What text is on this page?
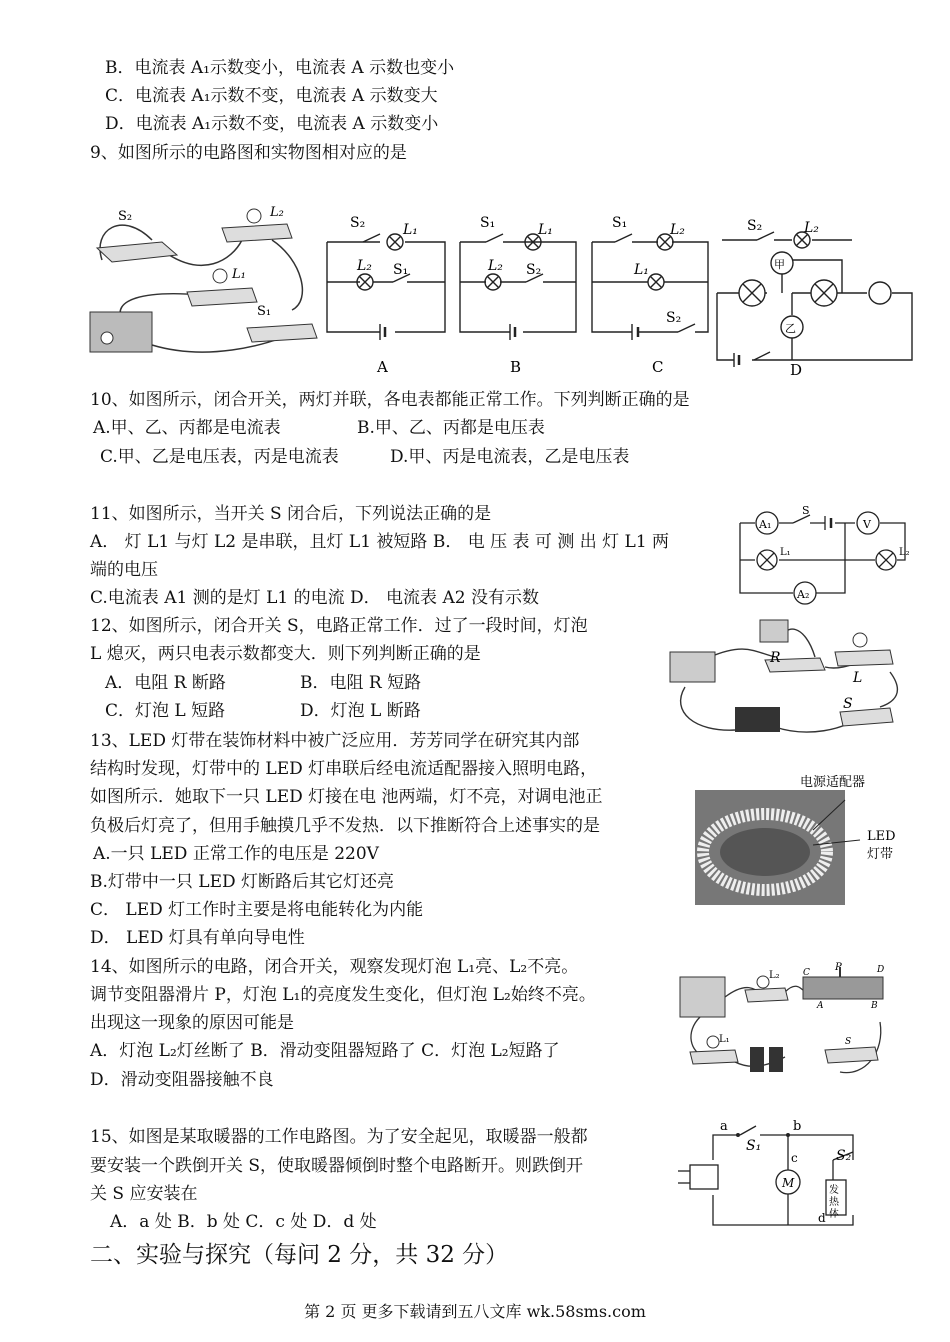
B．电流表 A₁示数变小，电流表 A 示数也变小
C．电流表 A₁示数不变，电流表 A 示数变大
D．电流表 A₁示数不变，电流表 A 示数变小
9、如图所示的电路图和实物图相对应的是
S₂	L₂
L₁
S₁
S₂	L₁
L₂ S₁
A
S₁	L₁
L₂ S₂
B
S₁	L₂
L₁
S₂
C
S₂	L₂
甲
乙
D
10、如图所示，闭合开关，两灯并联，各电表都能正常工作。下列判断正确的是
A.甲、乙、丙都是电流表	B.甲、乙、丙都是电压表
C.甲、乙是电压表，丙是电流表	D.甲、丙是电流表，乙是电压表
11、如图所示，当开关 S 闭合后，下列说法正确的是
A． 灯 L1 与灯 L2 是串联，且灯 L1 被短路 B． 电 压 表 可 测 出 灯 L1 两
端的电压
C.电流表 A1 测的是灯 L1 的电流 D． 电流表 A2 没有示数
A₁
S
V
L₁	L₂
A₂
12、如图所示，闭合开关 S，电路正常工作．过了一段时间，灯泡
L 熄灭，两只电表示数都变大．则下列判断正确的是
A．电阻 R 断路	B．电阻 R 短路
C．灯泡 L 短路	D．灯泡 L 断路
R
L
S
13、LED 灯带在装饰材料中被广泛应用．芳芳同学在研究其内部
结构时发现，灯带中的 LED 灯串联后经电流适配器接入照明电路，
如图所示．她取下一只 LED 灯接在电 池两端，灯不亮，对调电池正
负极后灯亮了，但用手触摸几乎不发热．以下推断符合上述事实的是
A.一只 LED 正常工作的电压是 220V
B.灯带中一只 LED 灯断路后其它灯还亮
C． LED 灯工作时主要是将电能转化为内能
D． LED 灯具有单向导电性
电源适配器
LED
灯带
14、如图所示的电路，闭合开关，观察发现灯泡 L₁亮、L₂不亮。
调节变阻器滑片 P，灯泡 L₁的亮度发生变化，但灯泡 L₂始终不亮。
出现这一现象的原因可能是
A．灯泡 L₂灯丝断了 B．滑动变阻器短路了 C．灯泡 L₂短路了
D．滑动变阻器接触不良
L₂
L₁
P
C	D
A	B
S
15、如图是某取暖器的工作电路图。为了安全起见，取暖器一般都
要安装一个跌倒开关 S，使取暖器倾倒时整个电路断开。则跌倒开
关 S 应安装在
A．a 处 B．b 处 C．c 处 D．d 处
a
S₁
b
c
M
S₂
发
热
体
d
二、实验与探究（每问 2 分，共 32 分）
第 2 页 更多下载请到五八文库 wk.58sms.com
